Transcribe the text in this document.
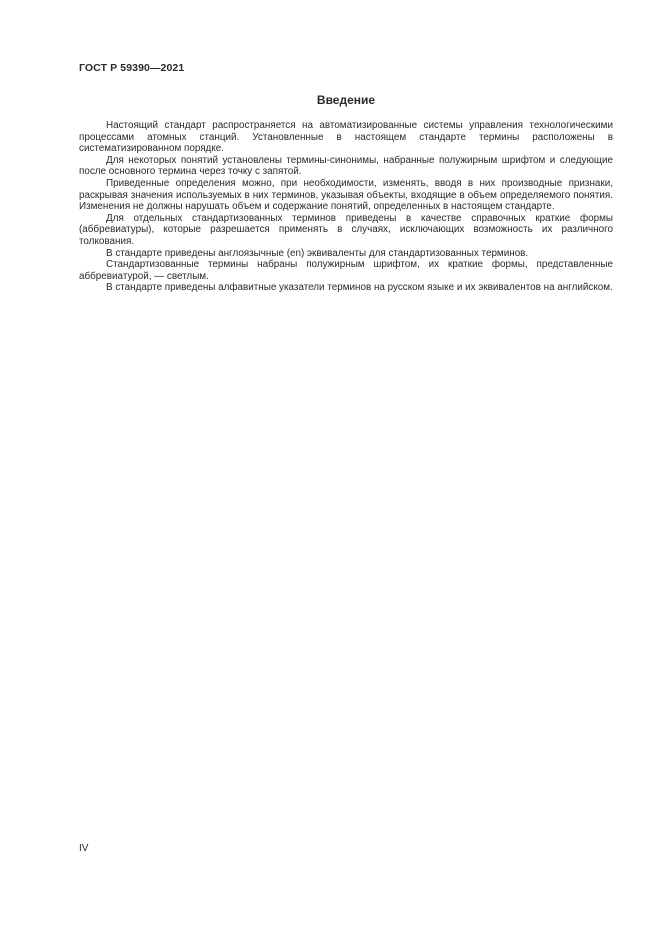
ГОСТ Р 59390—2021
Введение

Настоящий стандарт распространяется на автоматизированные системы управления технологическими процессами атомных станций. Установленные в настоящем стандарте термины расположены в систематизированном порядке.

Для некоторых понятий установлены термины-синонимы, набранные полужирным шрифтом и следующие после основного термина через точку с запятой.

Приведенные определения можно, при необходимости, изменять, вводя в них производные признаки, раскрывая значения используемых в них терминов, указывая объекты, входящие в объем определяемого понятия. Изменения не должны нарушать объем и содержание понятий, определенных в настоящем стандарте.

Для отдельных стандартизованных терминов приведены в качестве справочных краткие формы (аббревиатуры), которые разрешается применять в случаях, исключающих возможность их различного толкования.

В стандарте приведены англоязычные (en) эквиваленты для стандартизованных терминов.

Стандартизованные термины набраны полужирным шрифтом, их краткие формы, представленные аббревиатурой, — светлым.

В стандарте приведены алфавитные указатели терминов на русском языке и их эквивалентов на английском.

IV
